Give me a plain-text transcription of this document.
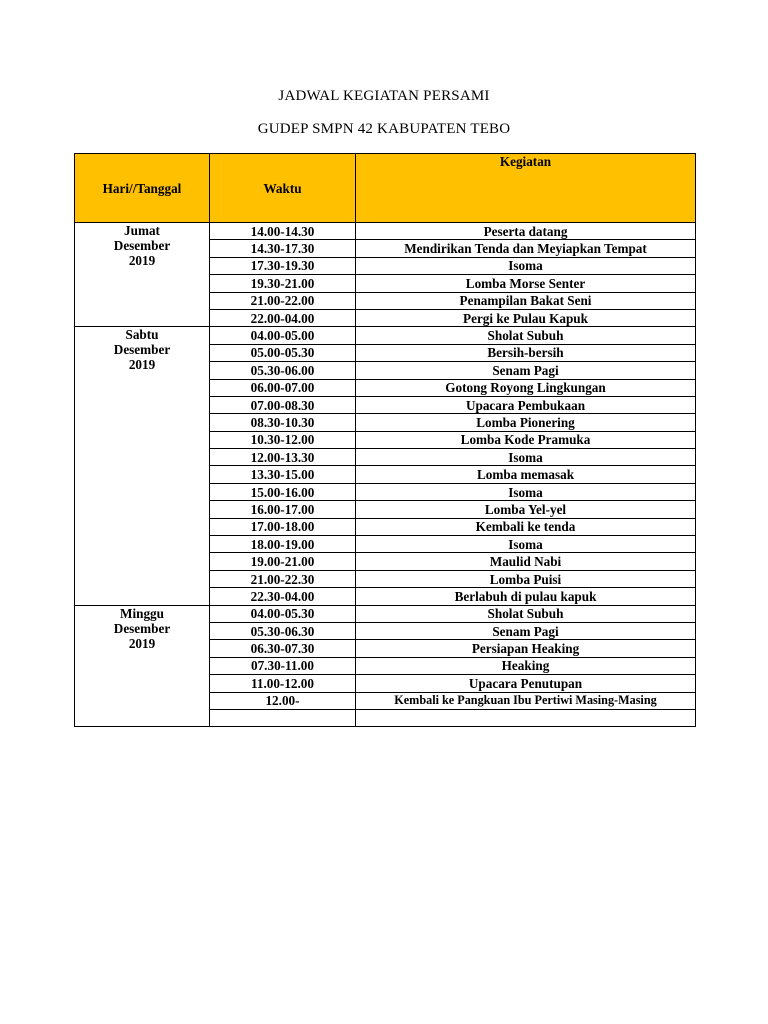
JADWAL KEGIATAN PERSAMI
GUDEP SMPN 42 KABUPATEN TEBO
Hari//Tanggal	Waktu	Kegiatan

Jumat
Desember
2019	14.00-14.30	Peserta datang
	14.30-17.30	Mendirikan Tenda dan Meyiapkan Tempat
	17.30-19.30	Isoma
	19.30-21.00	Lomba Morse Senter
	21.00-22.00	Penampilan Bakat Seni
	22.00-04.00	Pergi ke Pulau Kapuk

Sabtu
Desember
2019	04.00-05.00	Sholat Subuh
	05.00-05.30	Bersih-bersih
	05.30-06.00	Senam Pagi
	06.00-07.00	Gotong Royong Lingkungan
	07.00-08.30	Upacara Pembukaan
	08.30-10.30	Lomba Pionering
	10.30-12.00	Lomba Kode Pramuka
	12.00-13.30	Isoma
	13.30-15.00	Lomba memasak
	15.00-16.00	Isoma
	16.00-17.00	Lomba Yel-yel
	17.00-18.00	Kembali ke tenda
	18.00-19.00	Isoma
	19.00-21.00	Maulid Nabi
	21.00-22.30	Lomba Puisi
	22.30-04.00	Berlabuh di pulau kapuk

Minggu
Desember
2019	04.00-05.30	Sholat Subuh
	05.30-06.30	Senam Pagi
	06.30-07.30	Persiapan Heaking
	07.30-11.00	Heaking
	11.00-12.00	Upacara Penutupan
	12.00-	Kembali ke Pangkuan Ibu Pertiwi Masing-Masing
